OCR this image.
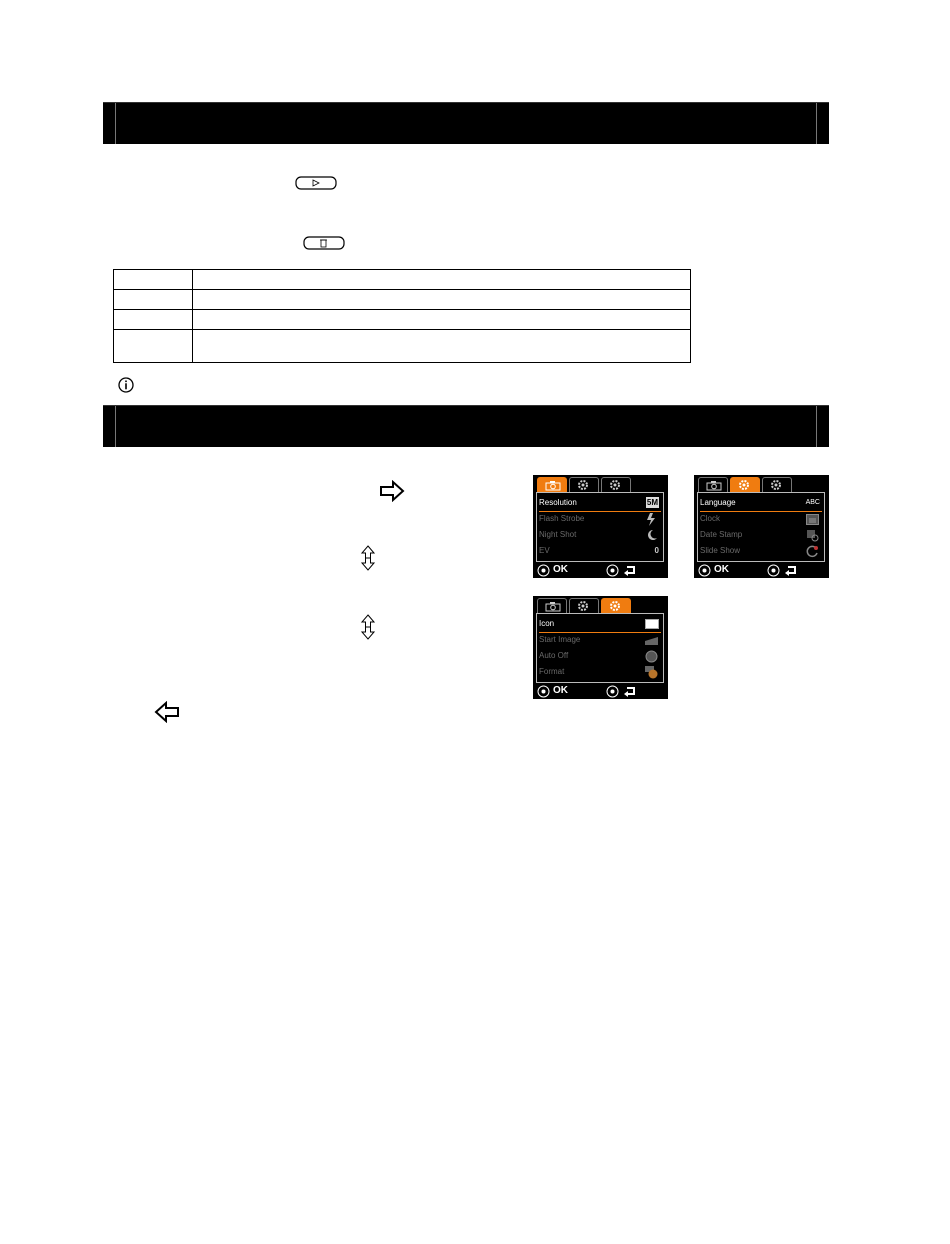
Resolution	5M
Flash Strobe
Night Shot
EV	0
OK
Language	ABC
Clock
Date Stamp
Slide Show
OK
Icon
Start Image
Auto Off
Format
OK
